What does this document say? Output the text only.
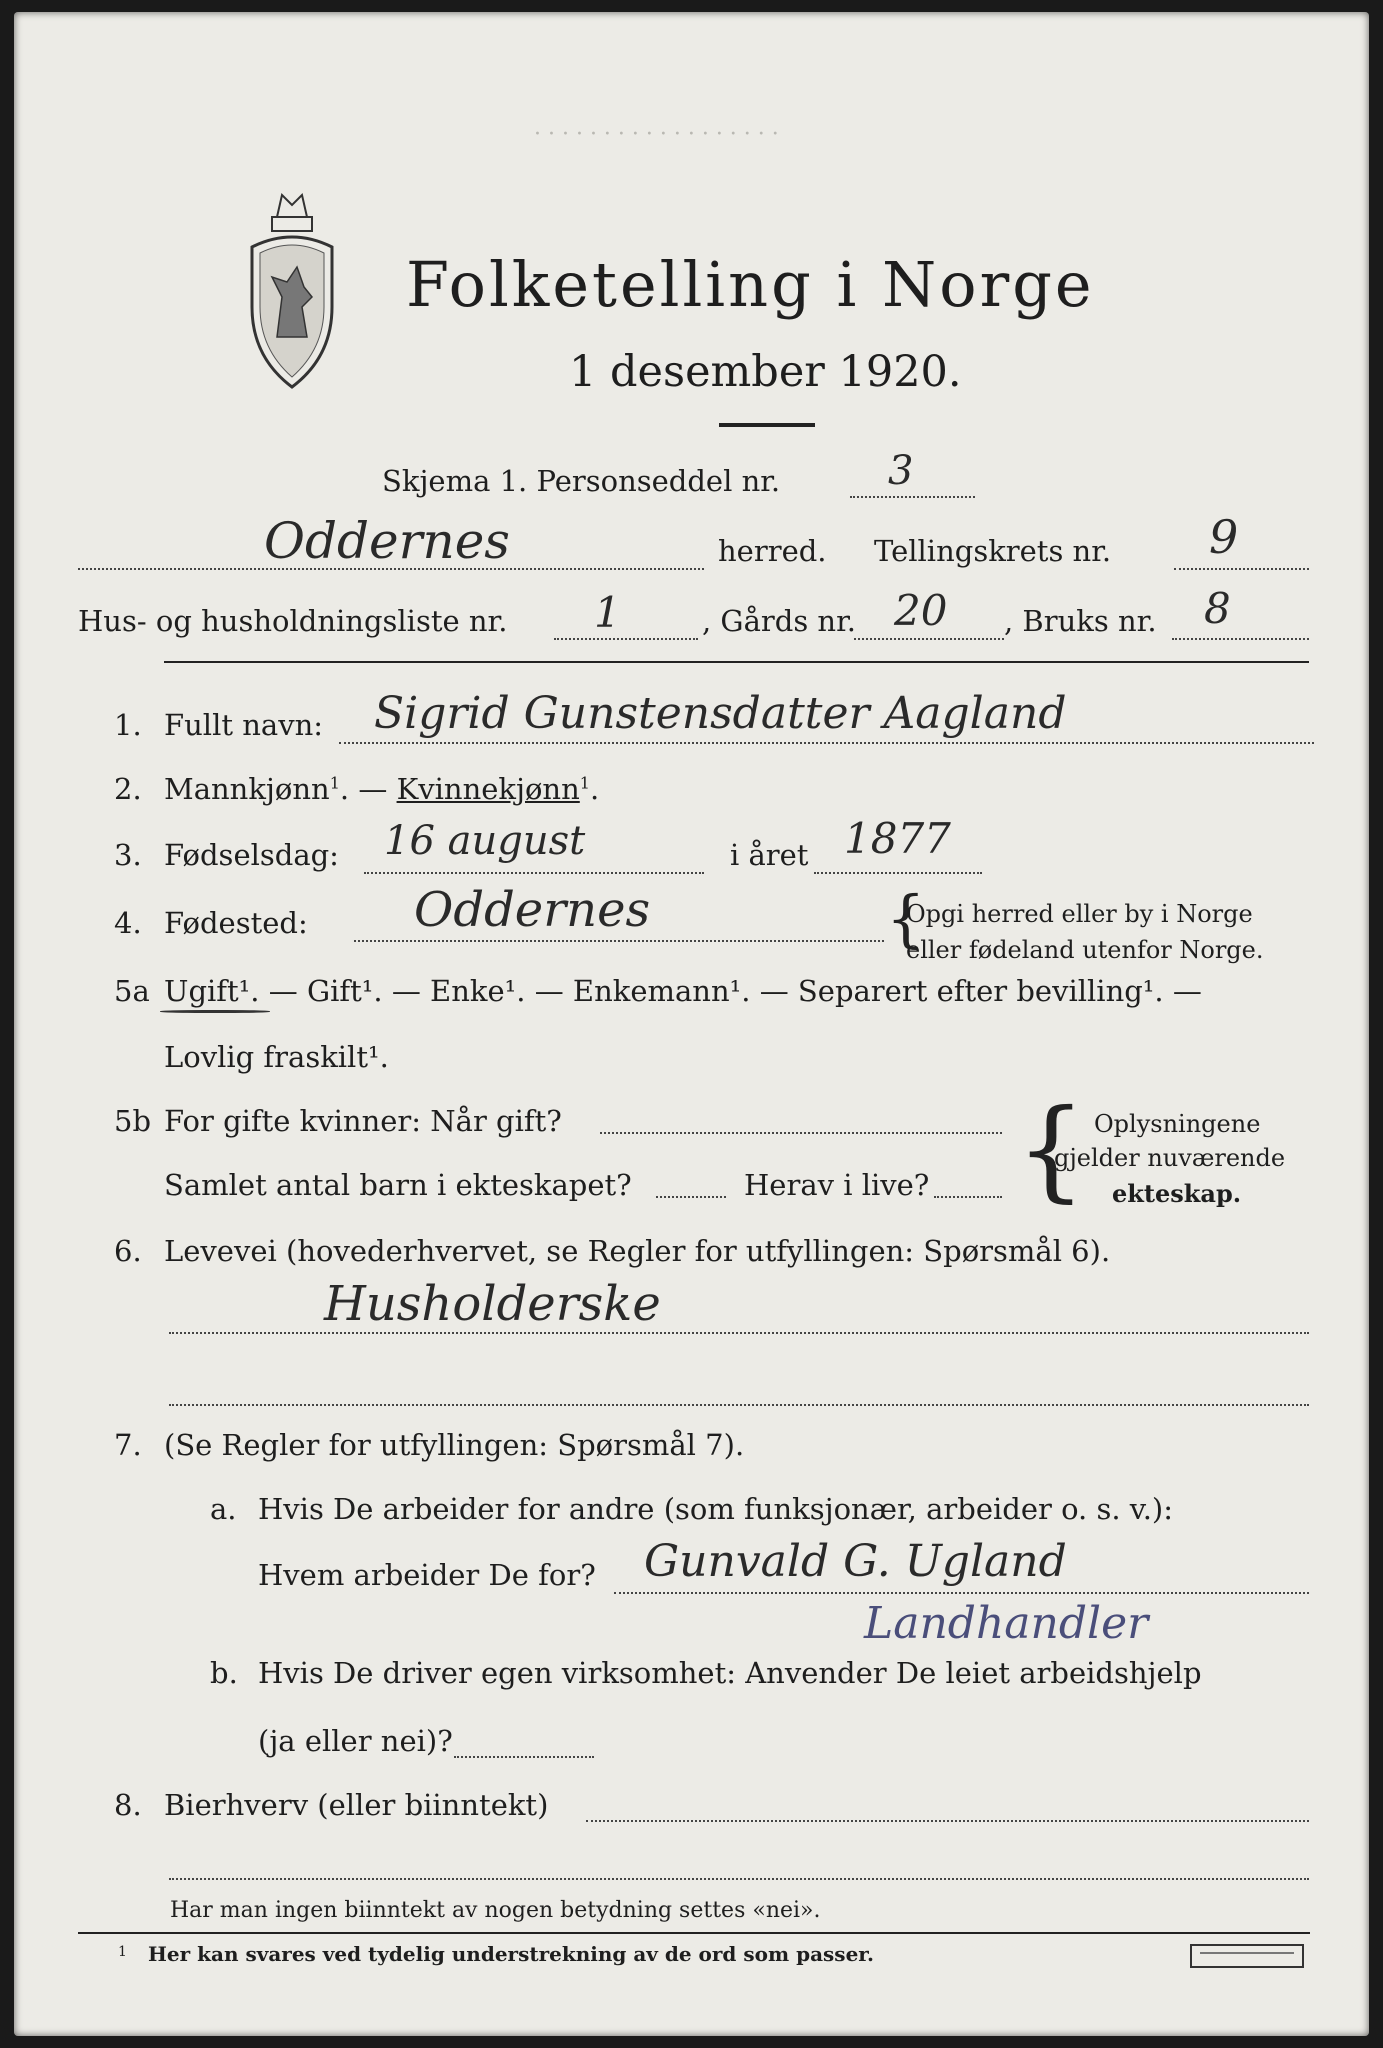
· · · · · · · · · · · · · · · · · ·
Folketelling i Norge
1 desember 1920.
Skjema 1. Personseddel nr.	3
Oddernes	herred. Tellingskrets nr. 9
Hus- og husholdningsliste nr. 1	, Gårds nr. 20 , Bruks nr. 8
1. Fullt navn: Sigrid Gunstensdatter Aagland
2. Mannkjønn$^1$. — Kvinnekjønn$^1$.
3. Fødselsdag: 16 august	i året 1877
4. Fødested: Oddernes	{
Opgi herred eller by i Norge
eller fødeland utenfor Norge.
5a Ugift¹. — Gift¹. — Enke¹. — Enkemann¹. — Separert efter bevilling¹. —
Lovlig fraskilt¹.
5b For gifte kvinner: Når gift?
Samlet antal barn i ekteskapet?	Herav i live? { Oplysningene
gjelder nuværende
ekteskap.
6. Levevei (hovederhvervet, se Regler for utfyllingen: Spørsmål 6).
Husholderske
7. (Se Regler for utfyllingen: Spørsmål 7).
a. Hvis De arbeider for andre (som funksjonær, arbeider o. s. v.):
Hvem arbeider De for? Gunvald G. Ugland
Landhandler
b. Hvis De driver egen virksomhet: Anvender De leiet arbeidshjelp
(ja eller nei)?
8. Bierhverv (eller biinntekt)
Har man ingen biinntekt av nogen betydning settes «nei».
1 Her kan svares ved tydelig understrekning av de ord som passer.
